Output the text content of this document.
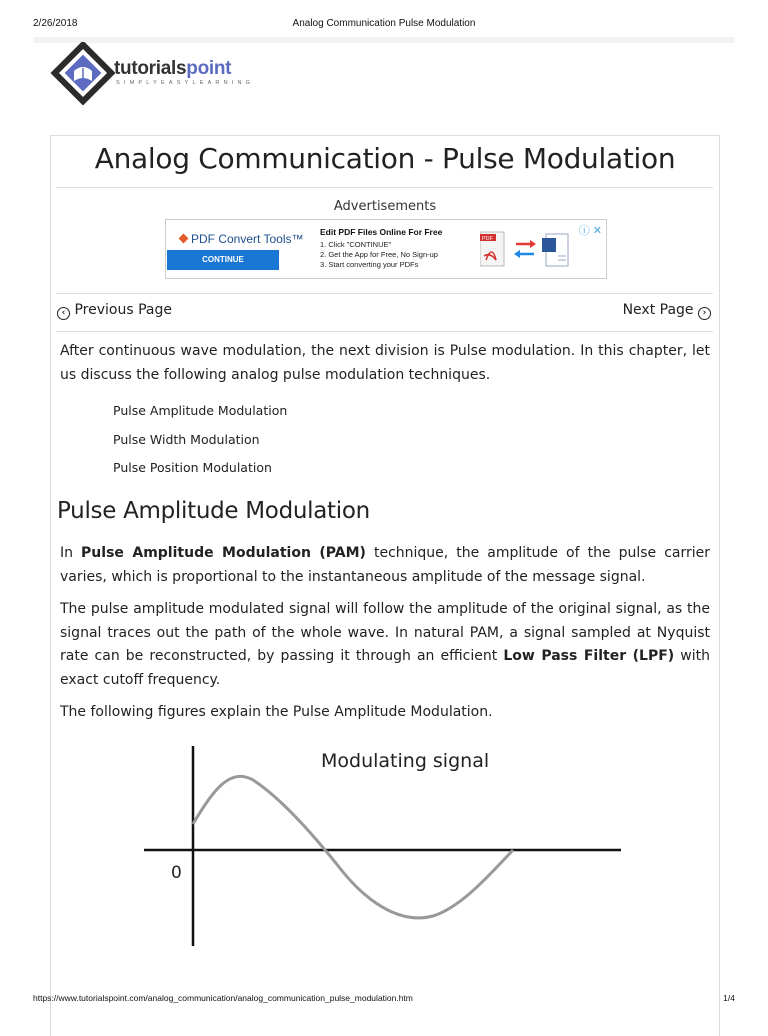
2/26/2018	Analog Communication Pulse Modulation
tutorialspoint
SIMPLYEASYLEARNING
Analog Communication - Pulse Modulation
Advertisements
PDF Convert Tools™
CONTINUE
Edit PDF Files Online For Free
1. Click "CONTINUE"
2. Get the App for Free, No Sign-up
3. Start converting your PDFs
PDF
ⓘ ✕
‹ Previous Page	Next Page ›

After continuous wave modulation, the next division is Pulse modulation. In this chapter, let us discuss the following analog pulse modulation techniques.

Pulse Amplitude Modulation
Pulse Width Modulation
Pulse Position Modulation
Pulse Amplitude Modulation

In Pulse Amplitude Modulation (PAM) technique, the amplitude of the pulse carrier varies, which is proportional to the instantaneous amplitude of the message signal.

The pulse amplitude modulated signal will follow the amplitude of the original signal, as the signal traces out the path of the whole wave. In natural PAM, a signal sampled at Nyquist rate can be reconstructed, by passing it through an efficient Low Pass Filter (LPF) with exact cutoff frequency.

The following figures explain the Pulse Amplitude Modulation.

Modulating signal
0
https://www.tutorialspoint.com/analog_communication/analog_communication_pulse_modulation.htm	1/4
